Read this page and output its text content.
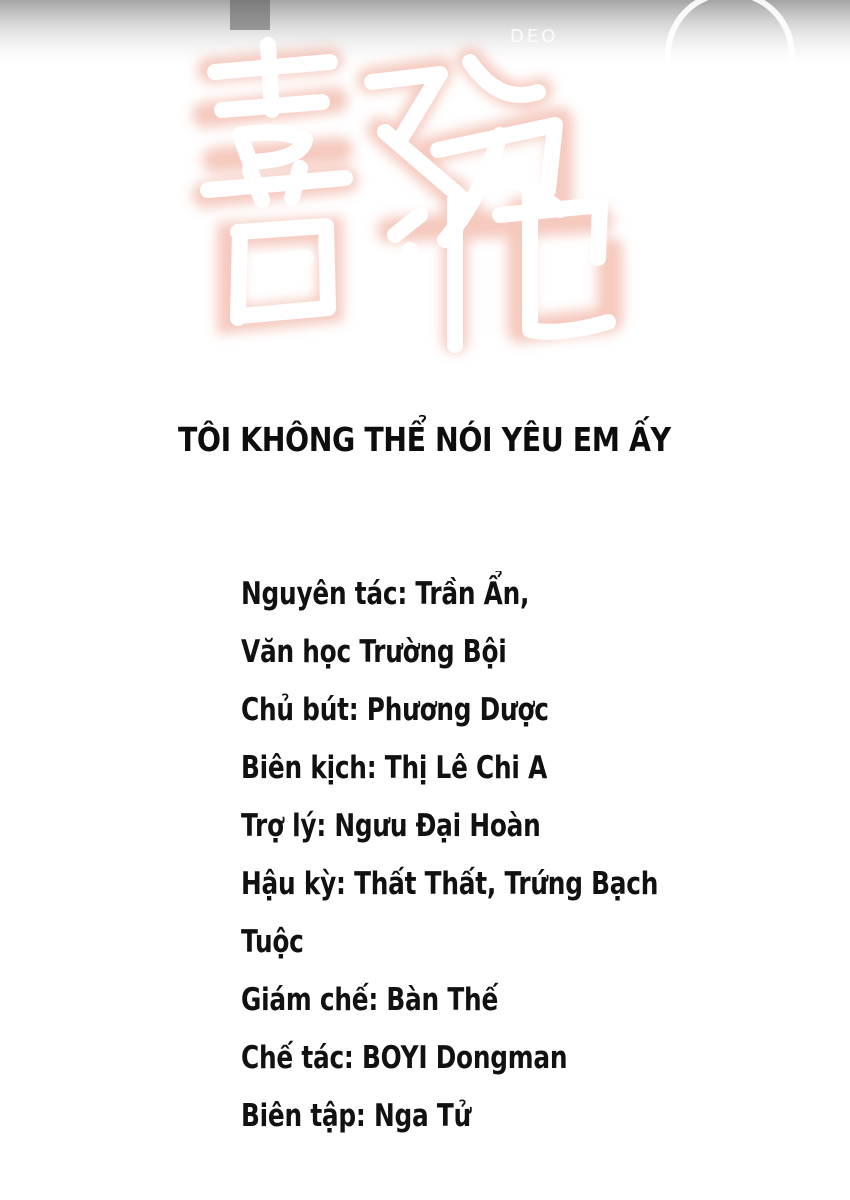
DEO
TÔI KHÔNG THỂ NÓI YÊU EM ẤY
Nguyên tác: Trần Ẩn,
Văn học Trường Bội
Chủ bút: Phương Dược
Biên kịch: Thị Lê Chi A
Trợ lý: Ngưu Đại Hoàn
Hậu kỳ: Thất Thất, Trứng Bạch
Tuộc
Giám chế: Bàn Thế
Chế tác: BOYI Dongman
Biên tập: Nga Tử
